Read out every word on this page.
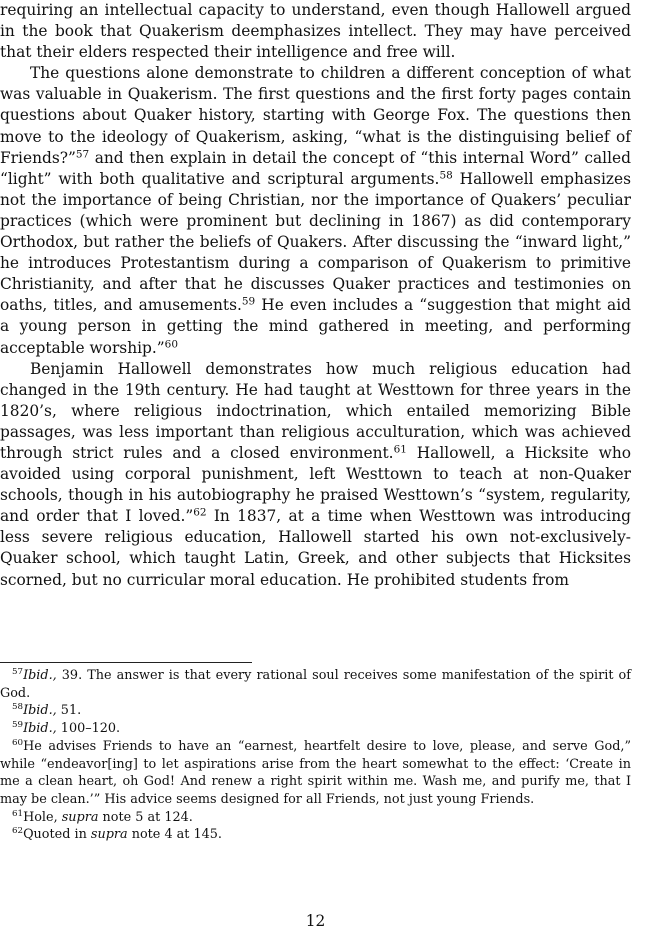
requiring an intellectual capacity to understand, even though Hallowell argued in the book that Quakerism deemphasizes intellect. They may have perceived that their elders respected their intelligence and free will.

The questions alone demonstrate to children a different conception of what was valuable in Quakerism. The first questions and the first forty pages contain questions about Quaker history, starting with George Fox. The questions then move to the ideology of Quakerism, asking, “what is the distinguising belief of Friends?”$^{57}$ and then explain in detail the concept of “this internal Word” called “light” with both qualitative and scriptural arguments.$^{58}$ Hallowell emphasizes not the importance of being Christian, nor the importance of Quakers’ peculiar practices (which were prominent but declining in 1867) as did contemporary Orthodox, but rather the beliefs of Quakers. After discussing the “inward light,” he introduces Protestantism during a comparison of Quakerism to primitive Christianity, and after that he discusses Quaker practices and testimonies on oaths, titles, and amusements.$^{59}$ He even includes a “suggestion that might aid a young person in getting the mind gathered in meeting, and performing acceptable worship.”$^{60}$

Benjamin Hallowell demonstrates how much religious education had changed in the 19th century. He had taught at Westtown for three years in the 1820’s, where religious indoctrination, which entailed memorizing Bible passages, was less important than religious acculturation, which was achieved through strict rules and a closed environment.$^{61}$ Hallowell, a Hicksite who avoided using corporal punishment, left Westtown to teach at non-Quaker schools, though in his autobiography he praised Westtown’s “system, regularity, and order that I loved.”$^{62}$ In 1837, at a time when Westtown was introducing less severe religious education, Hallowell started his own not-exclusively-Quaker school, which taught Latin, Greek, and other subjects that Hicksites scorned, but no curricular moral education. He prohibited students from

$^{57}$Ibid., 39. The answer is that every rational soul receives some manifestation of the spirit of God.

$^{58}$Ibid., 51.

$^{59}$Ibid., 100–120.

$^{60}$He advises Friends to have an “earnest, heartfelt desire to love, please, and serve God,” while “endeavor[ing] to let aspirations arise from the heart somewhat to the effect: ‘Create in me a clean heart, oh God! And renew a right spirit within me. Wash me, and purify me, that I may be clean.’” His advice seems designed for all Friends, not just young Friends.

$^{61}$Hole, supra note 5 at 124.

$^{62}$Quoted in supra note 4 at 145.

12
